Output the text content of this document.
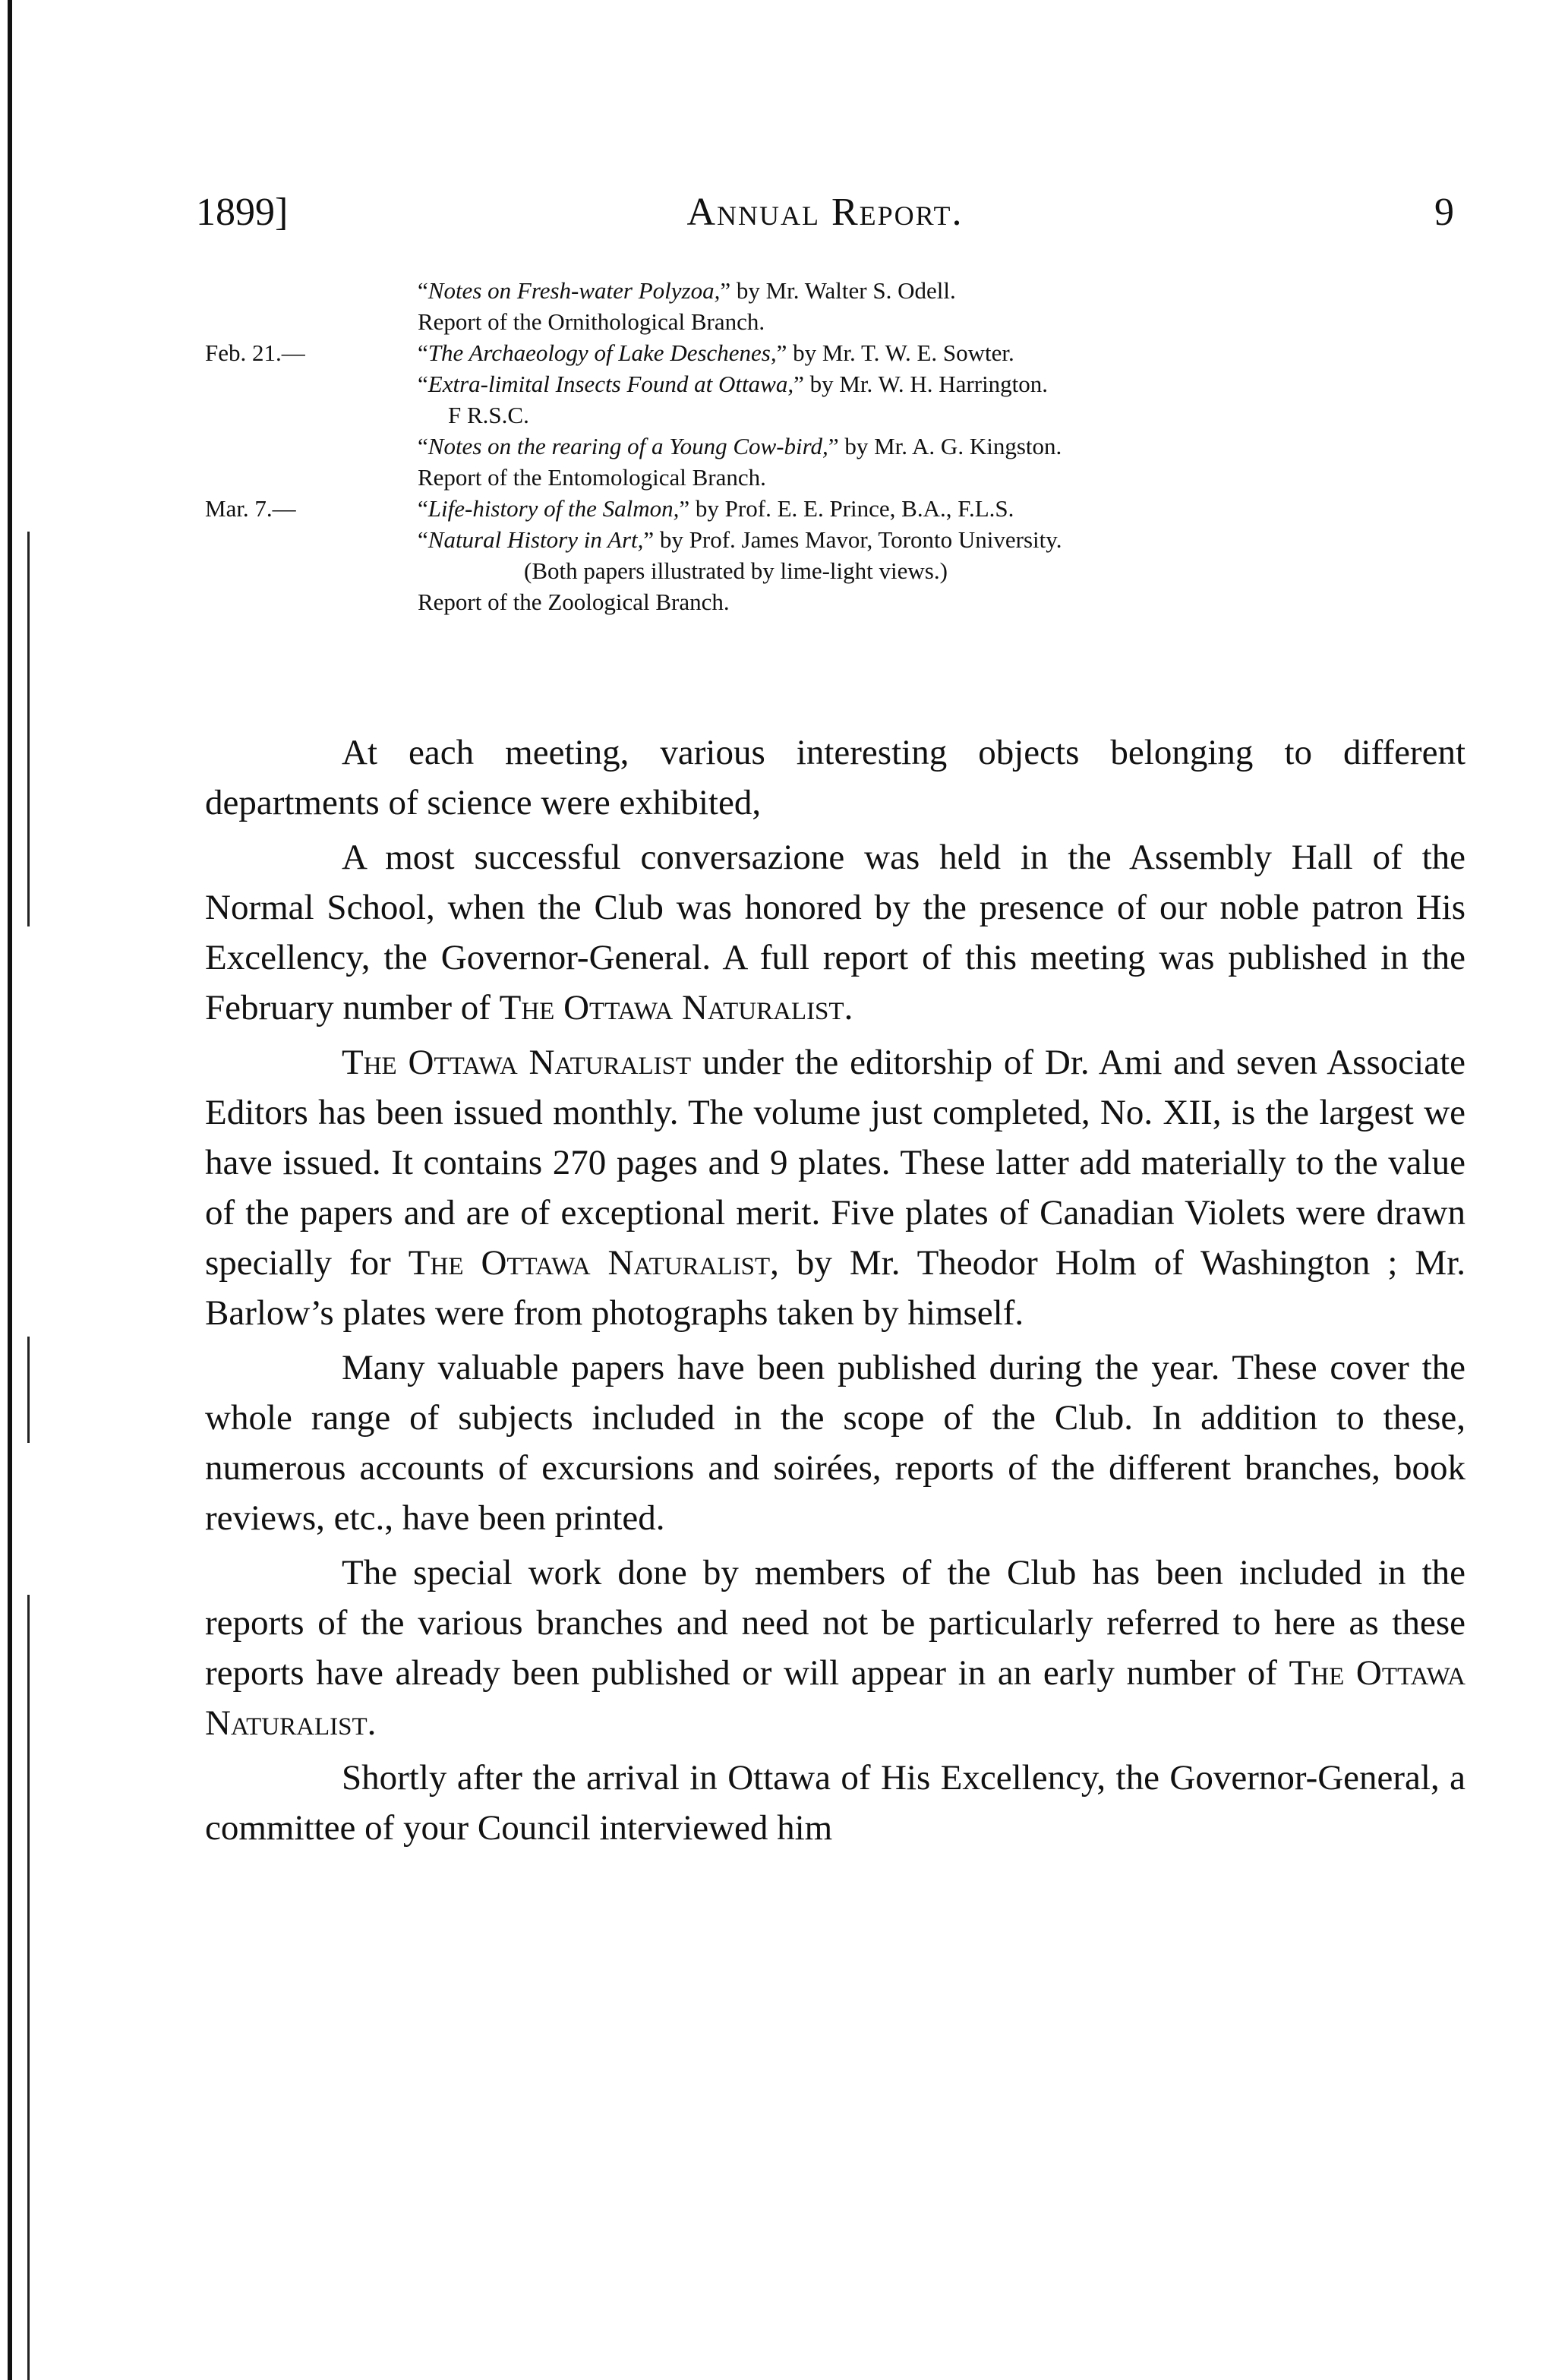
1899]	Annual Report.	9
“Notes on Fresh-water Polyzoa,” by Mr. Walter S. Odell.
Report of the Ornithological Branch.
Feb. 21.—	“The Archaeology of Lake Deschenes,” by Mr. T. W. E. Sowter.
“Extra-limital Insects Found at Ottawa,” by Mr. W. H. Harrington.
F R.S.C.
“Notes on the rearing of a Young Cow-bird,” by Mr. A. G. Kingston.
Report of the Entomological Branch.
Mar. 7.—	“Life-history of the Salmon,” by Prof. E. E. Prince, B.A., F.L.S.
“Natural History in Art,” by Prof. James Mavor, Toronto University.
(Both papers illustrated by lime-light views.)
Report of the Zoological Branch.

At each meeting, various interesting objects belonging to different departments of science were exhibited,

A most successful conversazione was held in the Assembly Hall of the Normal School, when the Club was honored by the presence of our noble patron His Excellency, the Governor-General. A full report of this meeting was published in the February number of The Ottawa Naturalist.

The Ottawa Naturalist under the editorship of Dr. Ami and seven Associate Editors has been issued monthly. The volume just completed, No. XII, is the largest we have issued. It contains 270 pages and 9 plates. These latter add materially to the value of the papers and are of exceptional merit. Five plates of Canadian Violets were drawn specially for The Ottawa Naturalist, by Mr. Theodor Holm of Washington ; Mr. Barlow’s plates were from photographs taken by himself.

Many valuable papers have been published during the year. These cover the whole range of subjects included in the scope of the Club. In addition to these, numerous accounts of excursions and soirées, reports of the different branches, book reviews, etc., have been printed.

The special work done by members of the Club has been included in the reports of the various branches and need not be particularly referred to here as these reports have already been published or will appear in an early number of The Ottawa Naturalist.

Shortly after the arrival in Ottawa of His Excellency, the Governor-General, a committee of your Council interviewed him
